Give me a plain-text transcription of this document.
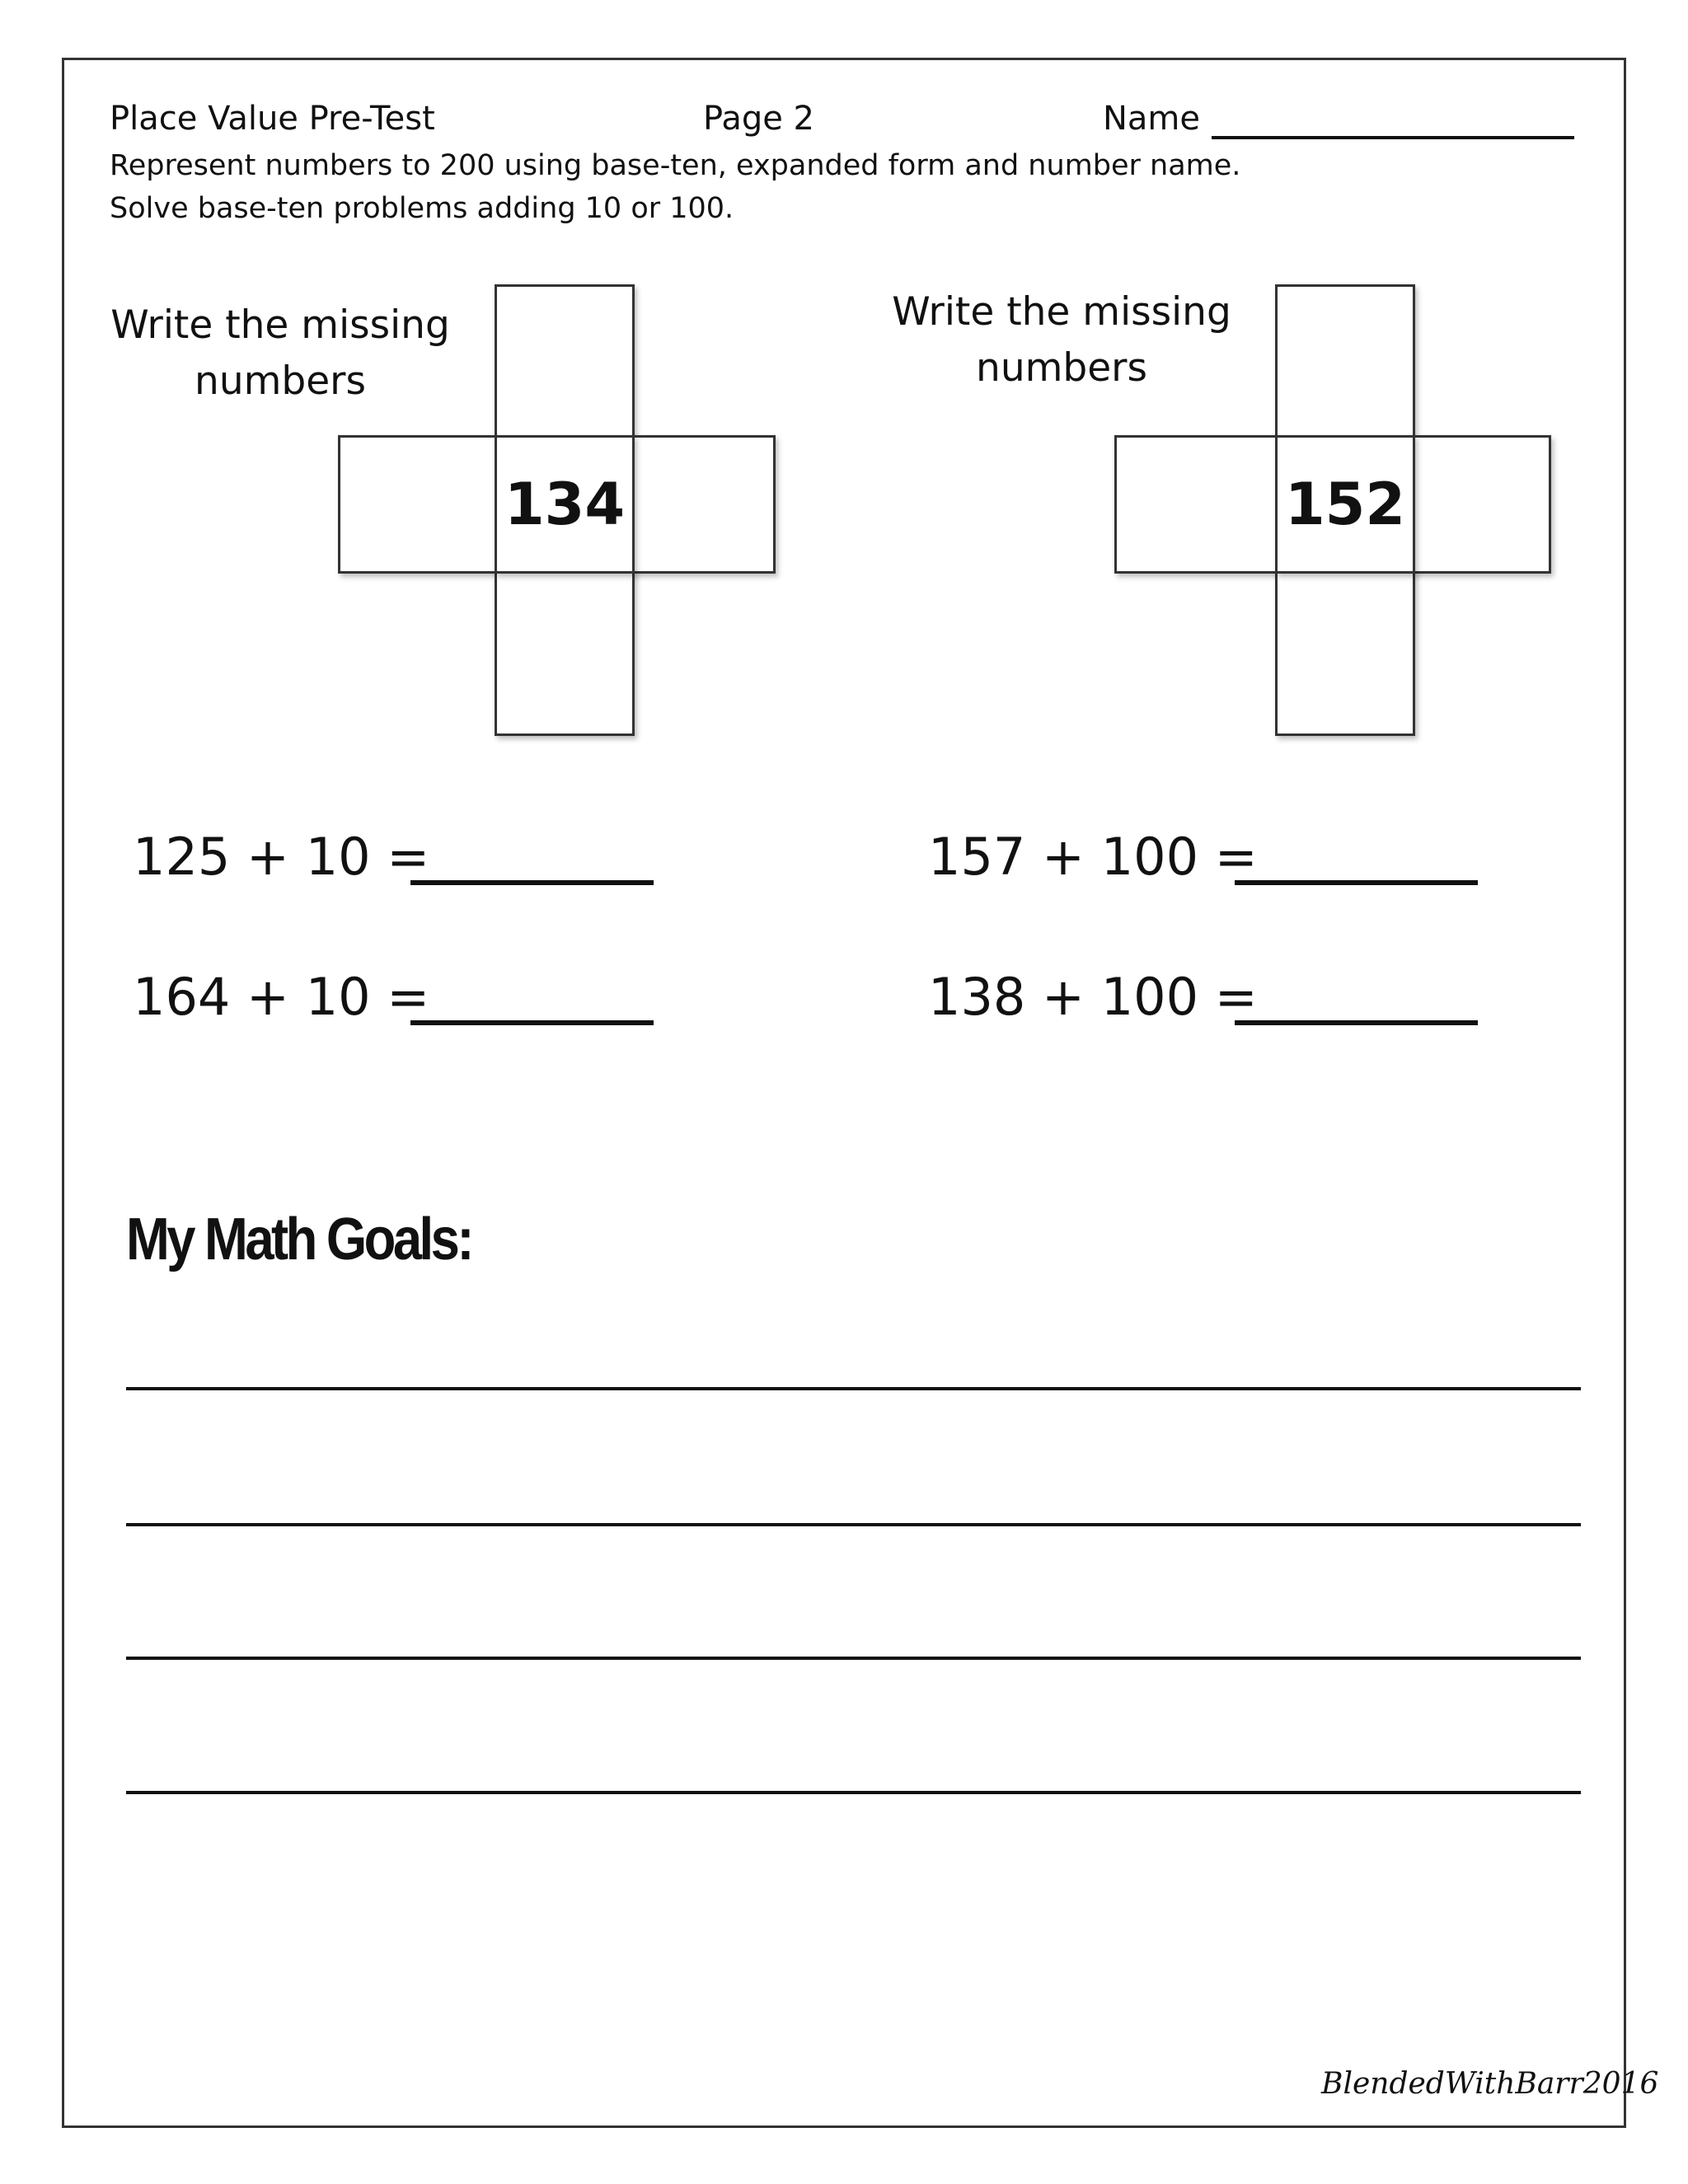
Place Value Pre-Test	Page 2	Name
Represent numbers to 200 using base-ten, expanded form and number name.
Solve base-ten problems adding 10 or 100.
Write the missing numbers
134
Write the missing numbers
152
125 + 10 =
164 + 10 =
157 + 100 =
138 + 100 =
My Math Goals:
BlendedWithBarr2016
